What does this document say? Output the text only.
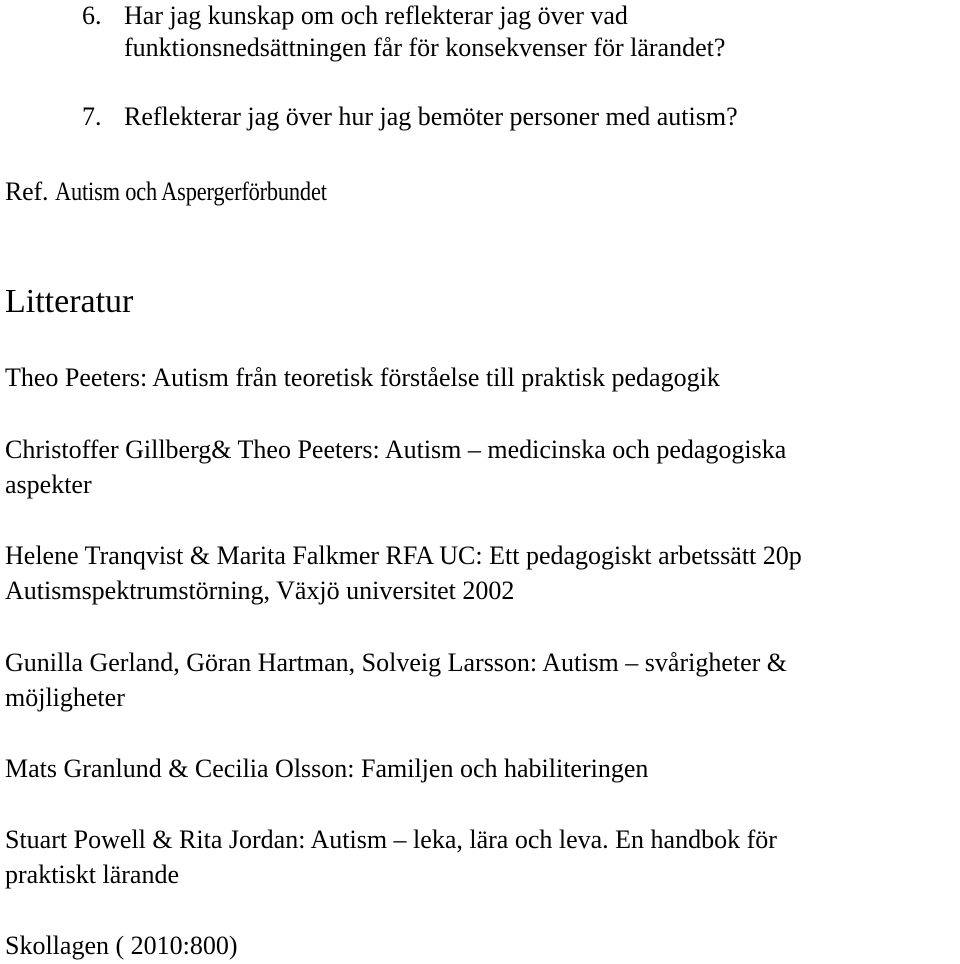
6. Har jag kunskap om och reflekterar jag över vad
funktionsnedsättningen får för konsekvenser för lärandet?
7. Reflekterar jag över hur jag bemöter personer med autism?
Ref. Autism och Aspergerförbundet
Litteratur
Theo Peeters: Autism från teoretisk förståelse till praktisk pedagogik
Christoffer Gillberg& Theo Peeters: Autism – medicinska och pedagogiska
aspekter
Helene Tranqvist & Marita Falkmer RFA UC: Ett pedagogiskt arbetssätt 20p
Autismspektrumstörning, Växjö universitet 2002
Gunilla Gerland, Göran Hartman, Solveig Larsson: Autism – svårigheter &
möjligheter
Mats Granlund & Cecilia Olsson: Familjen och habiliteringen
Stuart Powell & Rita Jordan: Autism – leka, lära och leva. En handbok för
praktiskt lärande
Skollagen ( 2010:800)
